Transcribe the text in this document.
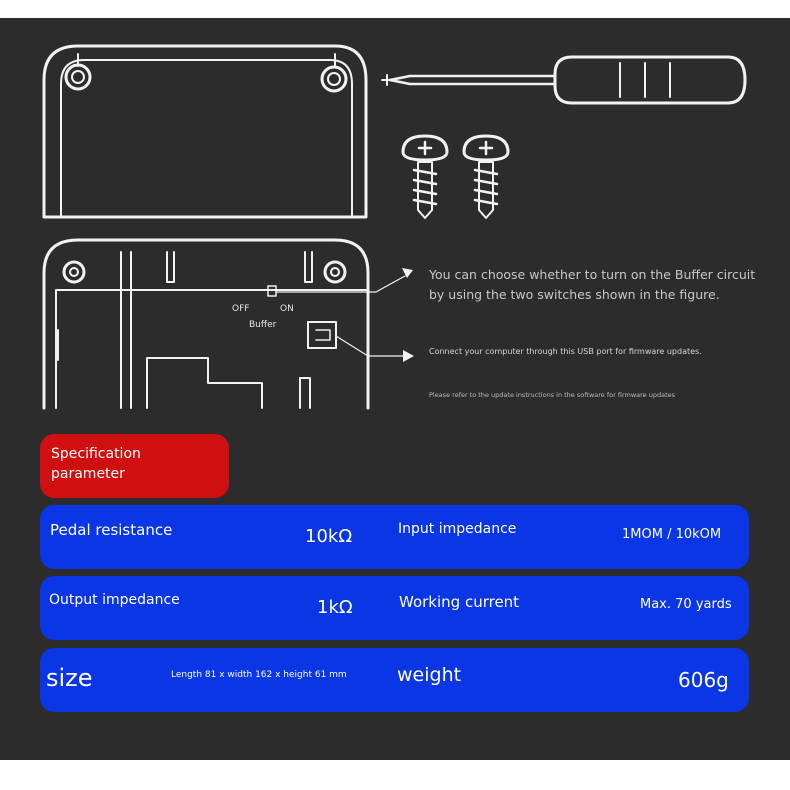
OFF	ON
Buffer
You can choose whether to turn on the Buffer circuit
by using the two switches shown in the figure.
Connect your computer through this USB port for firmware updates.
Please refer to the update instructions in the software for firmware updates
Specification
parameter
Pedal resistance	10kΩ	Input impedance	1MOM / 10kOM
Output impedance	1kΩ	Working current	Max. 70 yards
size	Length 81 x width 162 x height 61 mm	weight	606g
